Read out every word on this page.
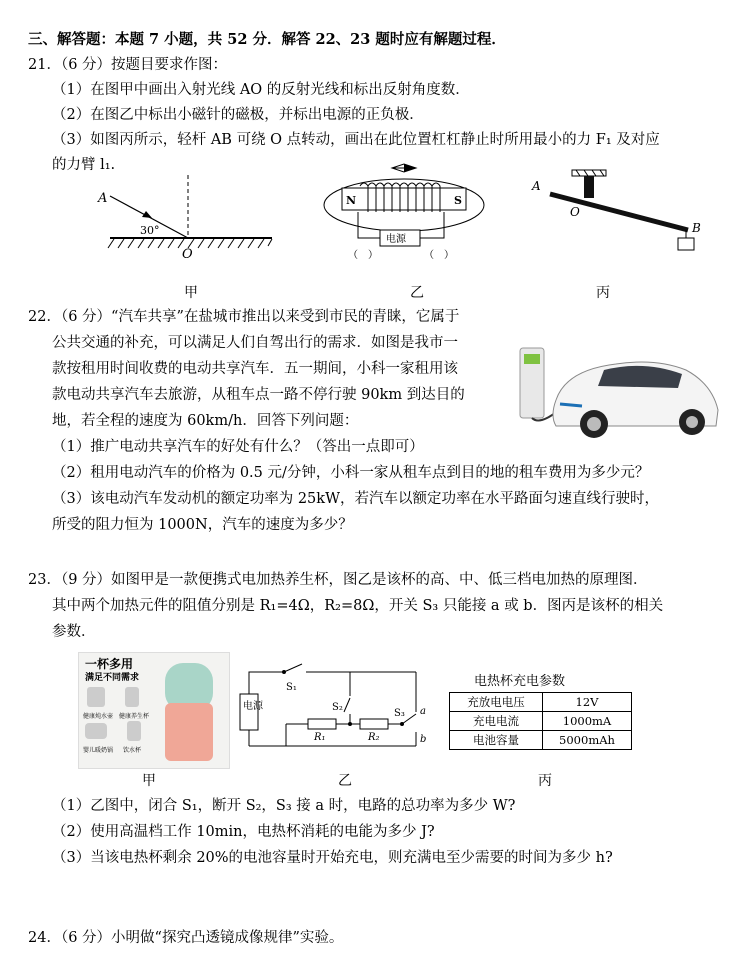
三、解答题：本题 7 小题，共 52 分．解答 22、23 题时应有解题过程．
21．（6 分）按题目要求作图：
（1）在图甲中画出入射光线 AO 的反射光线和标出反射角度数．
（2）在图乙中标出小磁针的磁极，并标出电源的正负极．
（3）如图丙所示，轻杆 AB 可绕 O 点转动，画出在此位置杠杠静止时所用最小的力 F₁ 及对应
的力臂 l₁.
A
30°
O
甲
N	S
电源
（　）	（　）
乙
A
O
B
丙
22．（6 分）“汽车共享”在盐城市推出以来受到市民的青睐，它属于
公共交通的补充，可以满足人们自驾出行的需求．如图是我市一
款按租用时间收费的电动共享汽车．五一期间，小科一家租用该
款电动共享汽车去旅游，从租车点一路不停行驶 90km 到达目的
地，若全程的速度为 60km/h．回答下列问题：
（1）推广电动共享汽车的好处有什么？（答出一点即可）
（2）租用电动汽车的价格为 0.5 元/分钟，小科一家从租车点到目的地的租车费用为多少元？
（3）该电动汽车发动机的额定功率为 25kW，若汽车以额定功率在水平路面匀速直线行驶时，
所受的阻力恒为 1000N，汽车的速度为多少？
23．（9 分）如图甲是一款便携式电加热养生杯，图乙是该杯的高、中、低三档电加热的原理图．
其中两个加热元件的阻值分别是 R₁=4Ω，R₂=8Ω，开关 S₃ 只能接 a 或 b．图丙是该杯的相关
参数．
一杯多用
满足不同需求
健康炖水壶 健康养生杯
婴儿暖奶锅 饮水杯
甲
电源
S₁
S₂
R₁	R₂
S₃ a
b
乙
电热杯充电参数
充放电电压	12V
充电电流	1000mA
电池容量	5000mAh
丙
（1）乙图中，闭合 S₁，断开 S₂，S₃ 接 a 时，电路的总功率为多少 W?
（2）使用高温档工作 10min，电热杯消耗的电能为多少 J?
（3）当该电热杯剩余 20%的电池容量时开始充电，则充满电至少需要的时间为多少 h?
24．（6 分）小明做“探究凸透镜成像规律”实验。
